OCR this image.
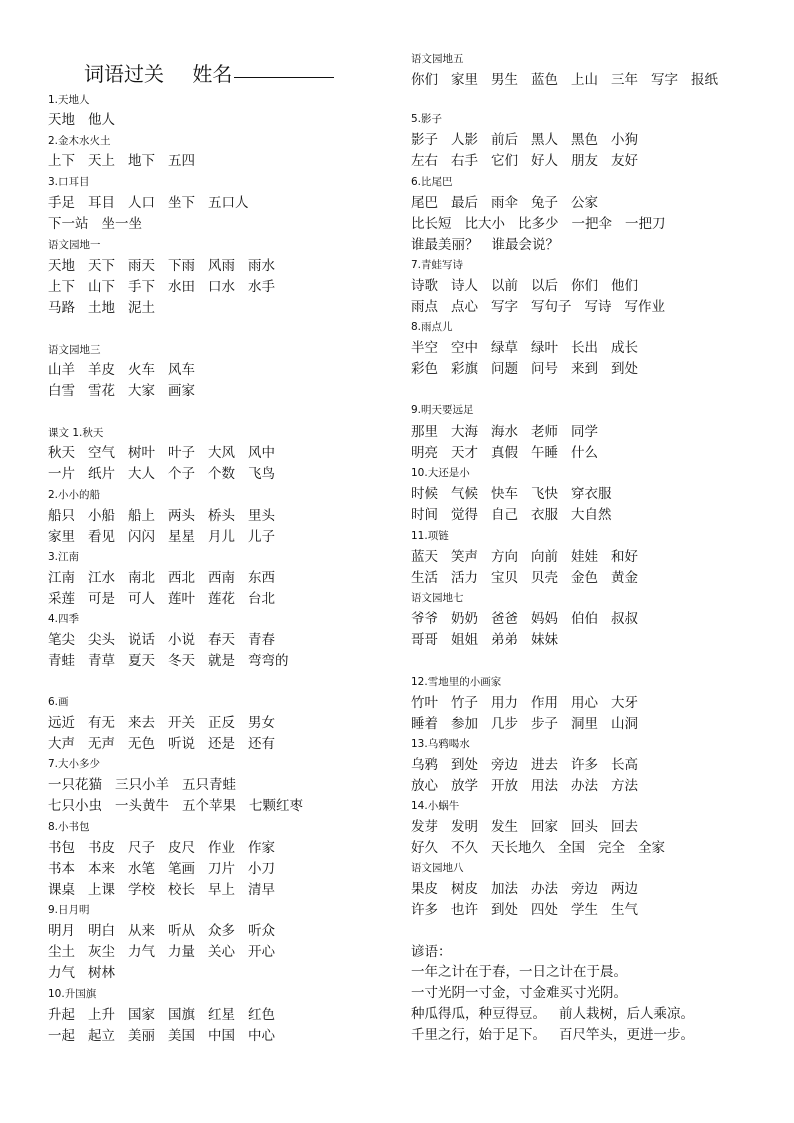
词语过关 姓名
1.天地人
天地 他人
2.金木水火土
上下 天上 地下 五四
3.口耳目
手足 耳目 人口 坐下 五口人
下一站 坐一坐
语文园地一
天地 天下 雨天 下雨 风雨 雨水
上下 山下 手下 水田 口水 水手
马路 土地 泥土
语文园地三
山羊 羊皮 火车 风车
白雪 雪花 大家 画家
课文 1.秋天
秋天 空气 树叶 叶子 大风 风中
一片 纸片 大人 个子 个数 飞鸟
2.小小的船
船只 小船 船上 两头 桥头 里头
家里 看见 闪闪 星星 月儿 儿子
3.江南
江南 江水 南北 西北 西南 东西
采莲 可是 可人 莲叶 莲花 台北
4.四季
笔尖 尖头 说话 小说 春天 青春
青蛙 青草 夏天 冬天 就是 弯弯的
6.画
远近 有无 来去 开关 正反 男女
大声 无声 无色 听说 还是 还有
7.大小多少
一只花猫 三只小羊 五只青蛙
七只小虫 一头黄牛 五个苹果 七颗红枣
8.小书包
书包 书皮 尺子 皮尺 作业 作家
书本 本来 水笔 笔画 刀片 小刀
课桌 上课 学校 校长 早上 清早
9.日月明
明月 明白 从来 听从 众多 听众
尘土 灰尘 力气 力量 关心 开心
力气 树林
10.升国旗
升起 上升 国家 国旗 红星 红色
一起 起立 美丽 美国 中国 中心
语文园地五
你们 家里 男生 蓝色 上山 三年 写字 报纸
5.影子
影子 人影 前后 黑人 黑色 小狗
左右 右手 它们 好人 朋友 友好
6.比尾巴
尾巴 最后 雨伞 兔子 公家
比长短 比大小 比多少 一把伞 一把刀
谁最美丽？ 谁最会说？
7.青蛙写诗
诗歌 诗人 以前 以后 你们 他们
雨点 点心 写字 写句子 写诗 写作业
8.雨点儿
半空 空中 绿草 绿叶 长出 成长
彩色 彩旗 问题 问号 来到 到处
9.明天要远足
那里 大海 海水 老师 同学
明亮 天才 真假 午睡 什么
10.大还是小
时候 气候 快车 飞快 穿衣服
时间 觉得 自己 衣服 大自然
11.项链
蓝天 笑声 方向 向前 娃娃 和好
生活 活力 宝贝 贝壳 金色 黄金
语文园地七
爷爷 奶奶 爸爸 妈妈 伯伯 叔叔
哥哥 姐姐 弟弟 妹妹
12.雪地里的小画家
竹叶 竹子 用力 作用 用心 大牙
睡着 参加 几步 步子 洞里 山洞
13.乌鸦喝水
乌鸦 到处 旁边 进去 许多 长高
放心 放学 开放 用法 办法 方法
14.小蜗牛
发芽 发明 发生 回家 回头 回去
好久 不久 天长地久 全国 完全 全家
语文园地八
果皮 树皮 加法 办法 旁边 两边
许多 也许 到处 四处 学生 生气
谚语：
一年之计在于春，一日之计在于晨。
一寸光阴一寸金，寸金难买寸光阴。
种瓜得瓜，种豆得豆。 前人栽树，后人乘凉。
千里之行，始于足下。 百尺竿头，更进一步。
